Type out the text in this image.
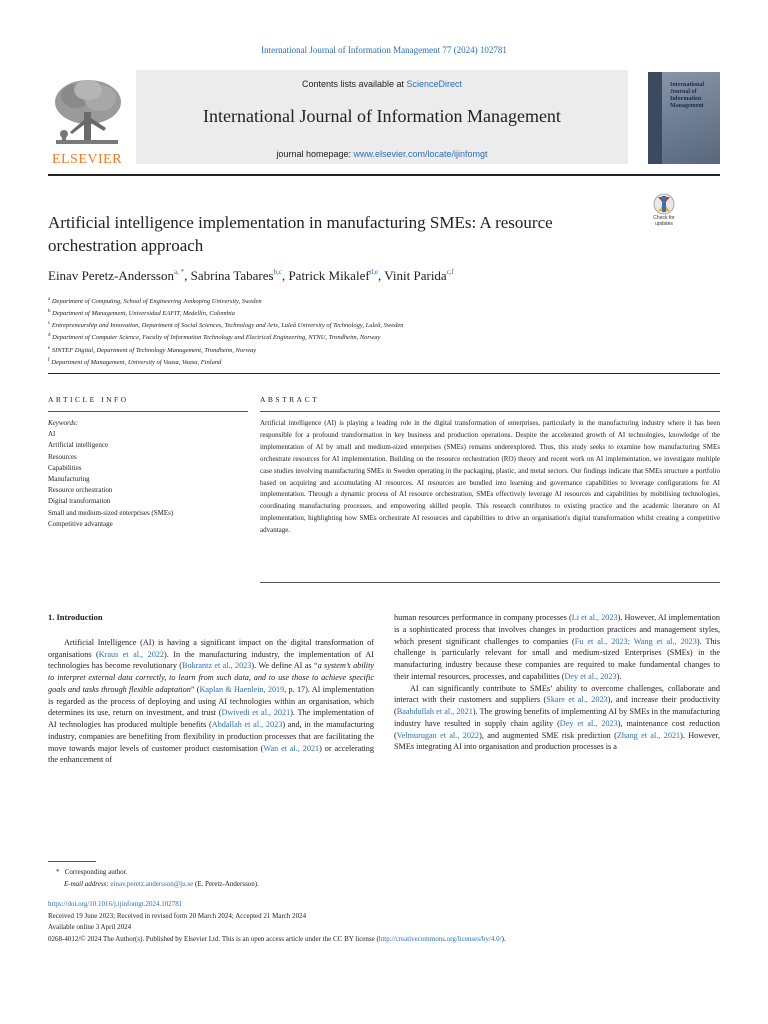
International Journal of Information Management 77 (2024) 102781
ELSEVIER
Contents lists available at ScienceDirect
International Journal of Information Management
journal homepage: www.elsevier.com/locate/ijinfomgt
International Journal of Information Management
Artificial intelligence implementation in manufacturing SMEs: A resource orchestration approach
Check for
updates
Einav Peretz-Andersson$^{a, *}$, Sabrina Tabares$^{b,c}$, Patrick Mikalef$^{d,e}$, Vinit Parida$^{c,f}$
$^a$ Department of Computing, School of Engineering Jonkoping University, Sweden
$^b$ Department of Management, Universidad EAFIT, Medellín, Colombia
$^c$ Entrepreneurship and Innovation, Department of Social Sciences, Technology and Arts, Luleå University of Technology, Luleå, Sweden
$^d$ Department of Computer Science, Faculty of Information Technology and Electrical Engineering, NTNU, Trondheim, Norway
$^e$ SINTEF Digital, Department of Technology Management, Trondheim, Norway
$^f$ Department of Management, University of Vaasa, Vaasa, Finland
ARTICLE INFO
Keywords:
AI
Artificial intelligence
Resources
Capabilities
Manufacturing
Resource orchestration
Digital transformation
Small and medium-sized enterprises (SMEs)
Competitive advantage
ABSTRACT
Artificial intelligence (AI) is playing a leading role in the digital transformation of enterprises, particularly in the manufacturing industry where it has been responsible for a profound transformation in key business and production operations. Despite the accelerated growth of AI technologies, knowledge of the implementation of AI by small and medium-sized enterprises (SMEs) remains underexplored. Thus, this study seeks to examine how manufacturing SMEs orchestrate resources for AI implementation. Building on the resource orchestration (RO) theory and recent work on AI implementation, we investigate multiple case studies involving manufacturing SMEs in Sweden operating in the packaging, plastic, and metal sectors. Our findings indicate that SMEs structure a portfolio based on acquiring and accumulating AI resources. AI resources are bundled into learning and governance capabilities to leverage configurations for AI implementation. Through a dynamic process of AI resource orchestration, SMEs effectively leverage AI resources and capabilities by mobilising technologies, coordinating manufacturing processes, and empowering skilled people. This research contributes to existing practice and the academic literature on AI implementation, highlighting how SMEs orchestrate AI resources and capabilities to drive an organisation's digital transformation whilst creating a competitive advantage.
1. Introduction

Artificial Intelligence (AI) is having a significant impact on the digital transformation of organisations (Kraus et al., 2022). In the manufacturing industry, the implementation of AI technologies has become revolutionary (Bokrantz et al., 2023). We define AI as “a system’s ability to interpret external data correctly, to learn from such data, and to use those to achieve specific goals and tasks through flexible adaptation” (Kaplan & Haenlein, 2019, p. 17). AI implementation is regarded as the process of deploying and using AI technologies within an organisation, which determines its use, return on investment, and trust (Dwivedi et al., 2021). The implementation of AI technologies has produced multiple benefits (Abdallah et al., 2023) and, in the manufacturing industry, companies are benefiting from flexibility in production processes that are facilitating the move towards major levels of customer product customisation (Wan et al., 2021) or accelerating the enhancement of

human resources performance in company processes (Li et al., 2023). However, AI implementation is a sophisticated process that involves changes in production practices and management styles, which present significant challenges to companies (Fu et al., 2023; Wang et al., 2023). This challenge is particularly relevant for small and medium-sized Enterprises (SMEs) in the manufacturing industry because these companies are required to make fundamental changes to their internal resources, processes, and capabilities (Dey et al., 2023).

AI can significantly contribute to SMEs’ ability to overcome challenges, collaborate and interact with their customers and suppliers (Skare et al., 2023), and increase their productivity (Baabdullah et al., 2021). The growing benefits of implementing AI by SMEs in the manufacturing industry have resulted in supply chain agility (Dey et al., 2023), maintenance cost reduction (Velmurugan et al., 2022), and augmented SME risk prediction (Zhang et al., 2021). However, SMEs integrating AI into organisation and production processes is a

* Corresponding author.
E-mail address: einav.peretz.andersson@ju.se (E. Peretz-Andersson).
https://doi.org/10.1016/j.ijinfomgt.2024.102781
Received 19 June 2023; Received in revised form 20 March 2024; Accepted 21 March 2024
Available online 3 April 2024
0268-4012/© 2024 The Author(s). Published by Elsevier Ltd. This is an open access article under the CC BY license (http://creativecommons.org/licenses/by/4.0/).
